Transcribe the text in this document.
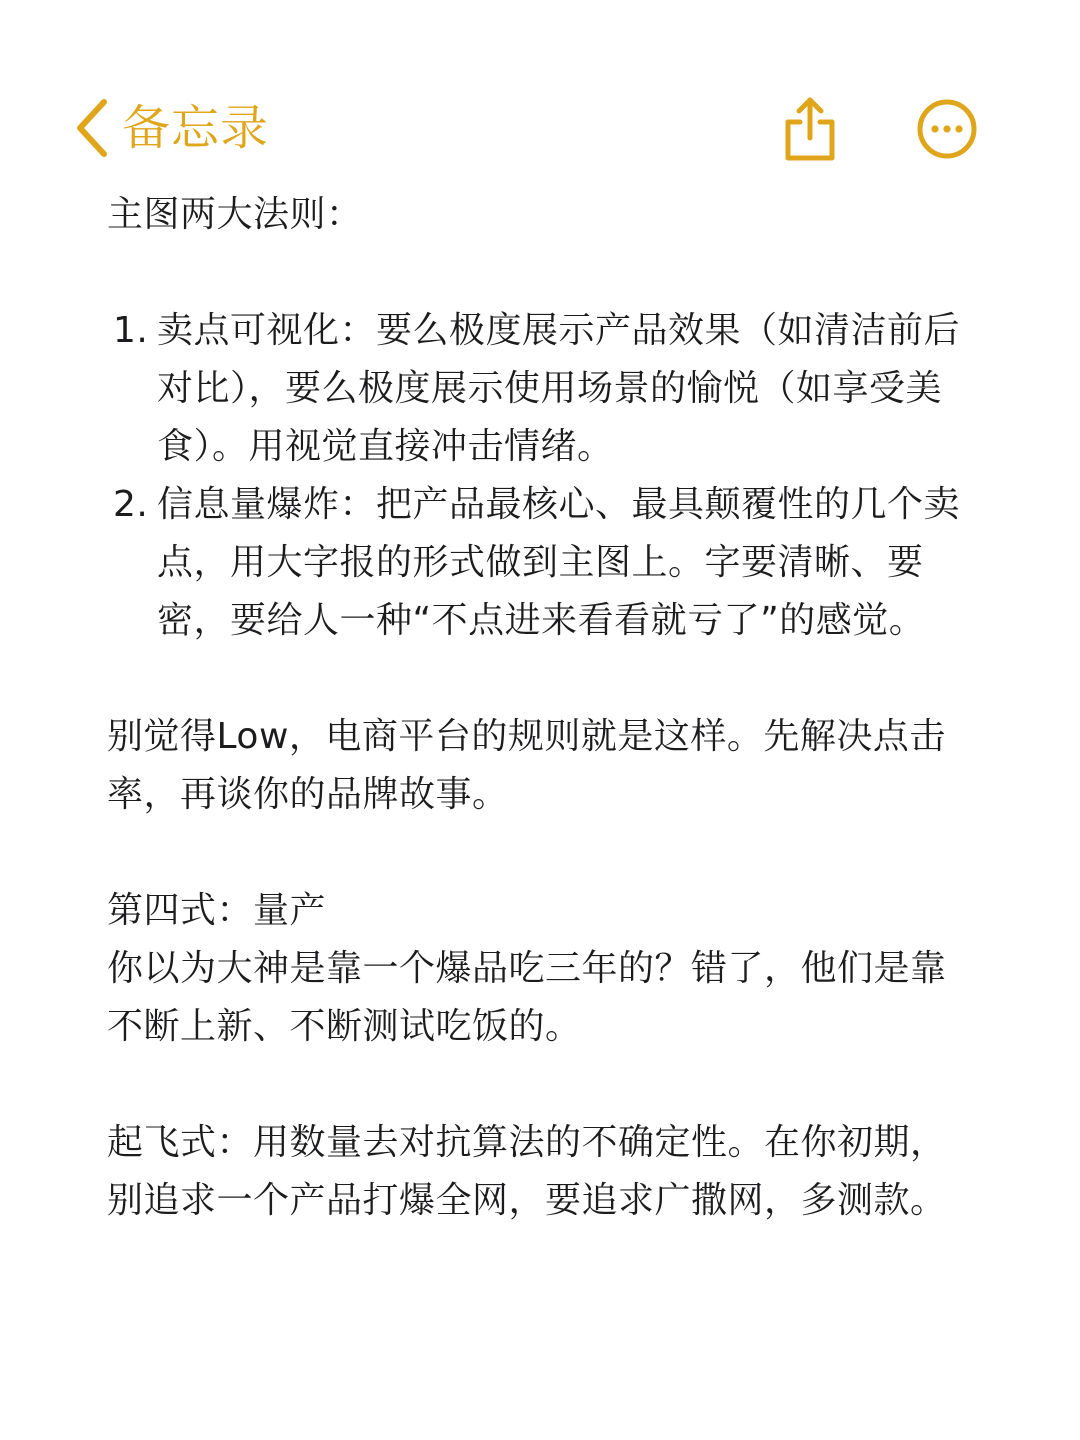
备忘录

主图两大法则：

1. 卖点可视化：要么极度展示产品效果（如清洁前后对比），要么极度展示使用场景的愉悦（如享受美食）。用视觉直接冲击情绪。
2. 信息量爆炸：把产品最核心、最具颠覆性的几个卖点，用大字报的形式做到主图上。字要清晰、要密，要给人一种“不点进来看看就亏了”的感觉。

别觉得Low，电商平台的规则就是这样。先解决点击率，再谈你的品牌故事。

第四式：量产

你以为大神是靠一个爆品吃三年的？错了，他们是靠不断上新、不断测试吃饭的。

起飞式：用数量去对抗算法的不确定性。在你初期，别追求一个产品打爆全网，要追求广撒网，多测款。
